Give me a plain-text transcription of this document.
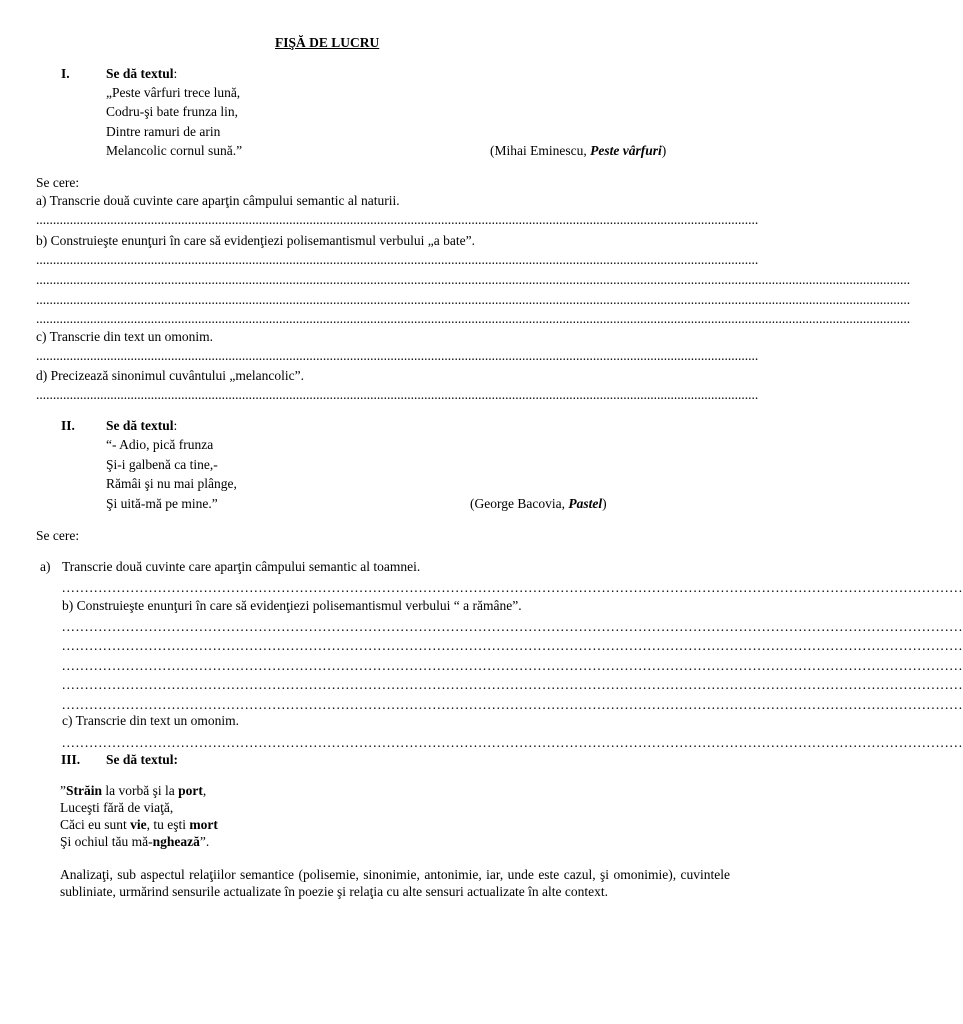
FIŞĂ DE LUCRU
I.	Se dă textul:
„Peste vârfuri trece lună,
Codru-şi bate frunza lin,
Dintre ramuri de arin
Melancolic cornul sună.”	(Mihai Eminescu, Peste vârfuri)
Se cere:
a) Transcrie două cuvinte care aparţin câmpului semantic al naturii.
......................................................................................................................................................................................................................
b) Construieşte enunţuri în care să evidenţiezi polisemantismul verbului „a bate”.
......................................................................................................................................................................................................................
...................................................................................................................................................................................................................................................................
...................................................................................................................................................................................................................................................................
...................................................................................................................................................................................................................................................................
c) Transcrie din text un omonim.
......................................................................................................................................................................................................................
d) Precizează sinonimul cuvântului „melancolic”.
......................................................................................................................................................................................................................
II. Se dă textul:
“- Adio, pică frunza
Şi-i galbenă ca tine,-
Rămâi şi nu mai plânge,
Şi uită-mă pe mine.”	(George Bacovia, Pastel)
Se cere:
a) Transcrie două cuvinte care aparţin câmpului semantic al toamnei.
.....................................................................................................................................................................................................
b) Construieşte enunţuri în care să evidenţiezi polisemantismul verbului “ a rămâne”.
.....................................................................................................................................................................................................
.....................................................................................................................................................................................................
.....................................................................................................................................................................................................
.....................................................................................................................................................................................................
.....................................................................................................................................................................................................
c) Transcrie din text un omonim.
.....................................................................................................................................................................................................
III. Se dă textul:
”Străin la vorbă şi la port,
Luceşti fără de viaţă,
Căci eu sunt vie, tu eşti mort
Şi ochiul tău mă-nghează”.
Analizaţi, sub aspectul relaţiilor semantice (polisemie, sinonimie, antonimie, iar, unde este cazul, şi omonimie), cuvintele subliniate, urmărind sensurile actualizate în poezie şi relaţia cu alte sensuri actualizate în alte context.
